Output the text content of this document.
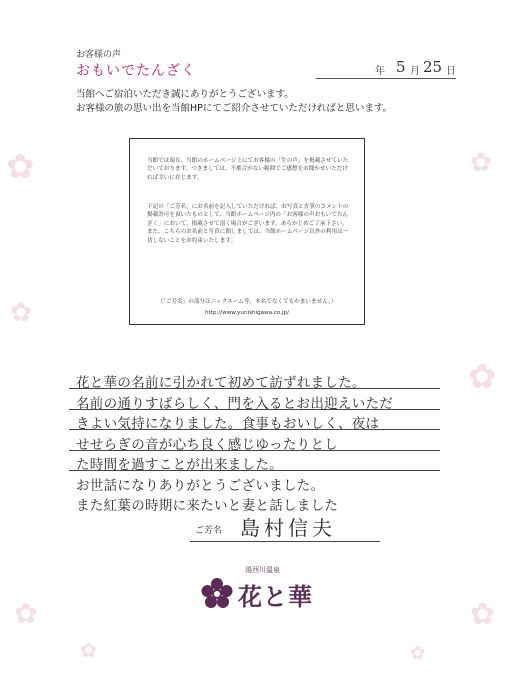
✿
✿
✿
✿
✿	✿
✿	✿
お客様の声
おもいでたんざく	年 5 月 25 日
当館へご宿泊いただき誠にありがとうございます。
お客様の旅の思い出を当館HPにてご紹介させていただければと思います。
当館では現在、当館のホームページ上にてお客様の「生の声」を掲載させていただいております。つきましては、不都合がない範囲でご感想をお聞かせいただければ幸いに存じます。
下記の「ご芳名」にお名前を記入していただければ、お写真と直筆のコメントの掲載許可を頂いたものとして、当館ホームページ内の「お客様の声おもいでたんざく」において、掲載させて頂く場合がございます。あらかじめご了承下さい。また、こちらのお名前と写真に関しましては、当館ホームページ以外の利用は一切しないことをお約束いたします。
（「ご芳名」の部分はニックネーム等、本名でなくてもかまいません。）
http://www.yunishigawa.co.jp/
花と華の名前に引かれて初めて訪ずれました。
名前の通りすばらしく、門を入るとお出迎えいただ
きよい気持になりました。食事もおいしく、夜は
せせらぎの音が心ち良く感じゆったりとし
た時間を過すことが出来ました。
お世話になりありがとうございました。
また紅葉の時期に来たいと妻と話しました
ご芳名 島村信夫
湯西川温泉
花と華
